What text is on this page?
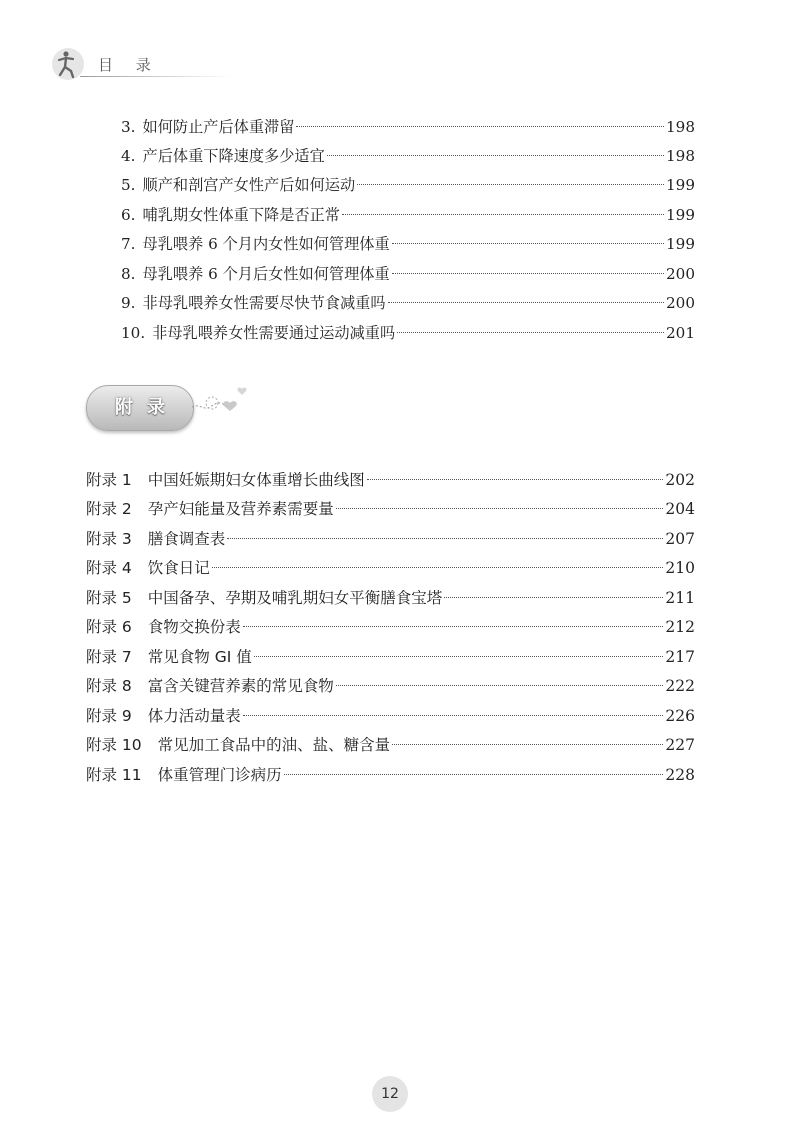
目 录
3. 如何防止产后体重滞留	198
4. 产后体重下降速度多少适宜	198
5. 顺产和剖宫产女性产后如何运动	199
6. 哺乳期女性体重下降是否正常	199
7. 母乳喂养 6 个月内女性如何管理体重	199
8. 母乳喂养 6 个月后女性如何管理体重	200
9. 非母乳喂养女性需要尽快节食减重吗	200
10. 非母乳喂养女性需要通过运动减重吗	201
附录
附录 1 中国妊娠期妇女体重增长曲线图	202
附录 2 孕产妇能量及营养素需要量	204
附录 3 膳食调查表	207
附录 4 饮食日记	210
附录 5 中国备孕、孕期及哺乳期妇女平衡膳食宝塔	211
附录 6 食物交换份表	212
附录 7 常见食物 GI 值	217
附录 8 富含关键营养素的常见食物	222
附录 9 体力活动量表	226
附录 10 常见加工食品中的油、盐、糖含量	227
附录 11 体重管理门诊病历	228
12
